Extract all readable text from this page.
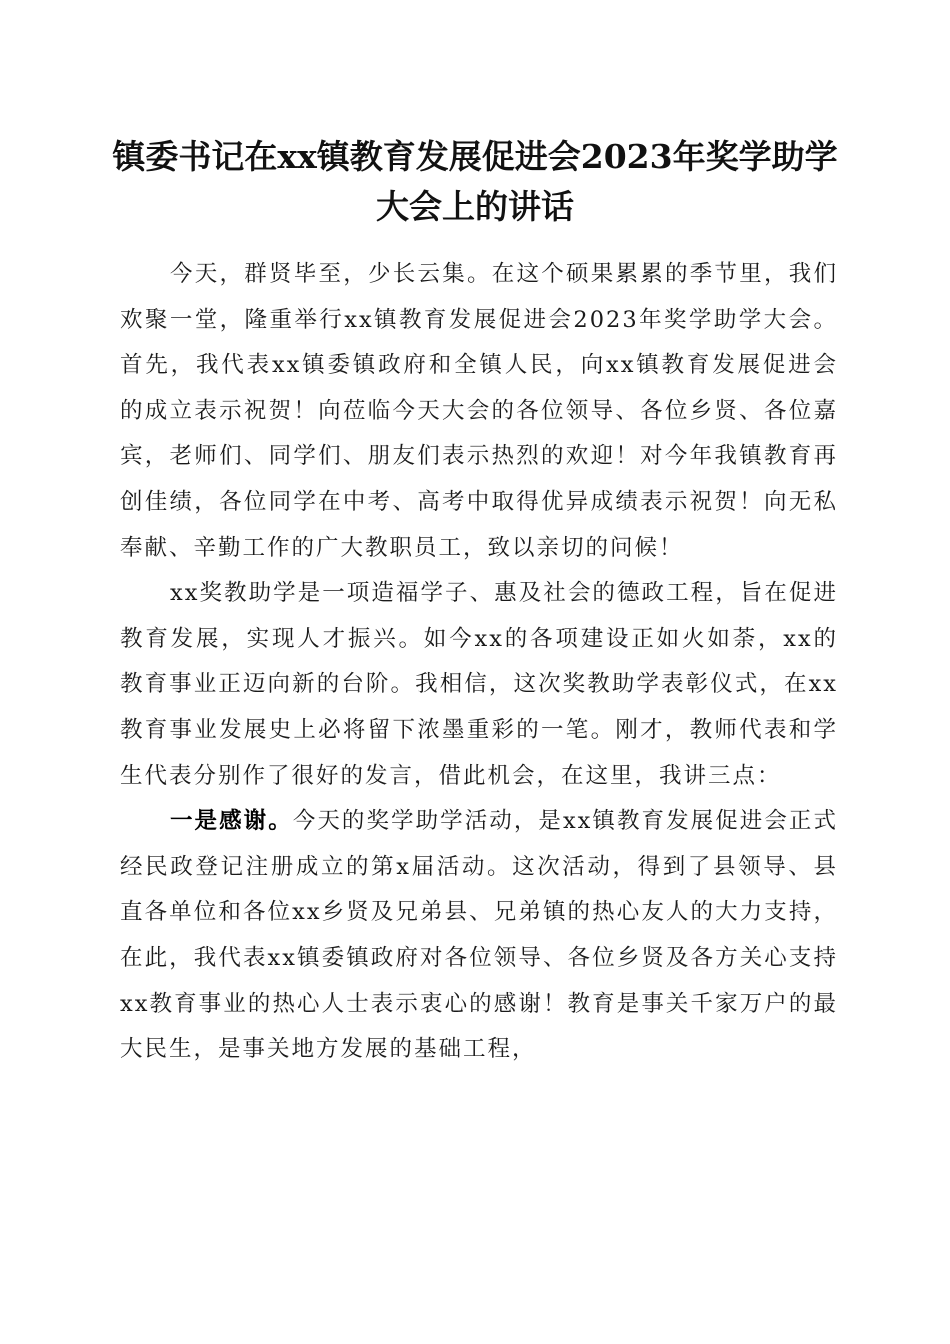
镇委书记在xx镇教育发展促进会2023年奖学助学大会上的讲话

今天，群贤毕至，少长云集。在这个硕果累累的季节里，我们欢聚一堂，隆重举行xx镇教育发展促进会2023年奖学助学大会。首先，我代表xx镇委镇政府和全镇人民，向xx镇教育发展促进会的成立表示祝贺！向莅临今天大会的各位领导、各位乡贤、各位嘉宾，老师们、同学们、朋友们表示热烈的欢迎！对今年我镇教育再创佳绩，各位同学在中考、高考中取得优异成绩表示祝贺！向无私奉献、辛勤工作的广大教职员工，致以亲切的问候！

xx奖教助学是一项造福学子、惠及社会的德政工程，旨在促进教育发展，实现人才振兴。如今xx的各项建设正如火如荼，xx的教育事业正迈向新的台阶。我相信，这次奖教助学表彰仪式，在xx教育事业发展史上必将留下浓墨重彩的一笔。刚才，教师代表和学生代表分别作了很好的发言，借此机会，在这里，我讲三点：

一是感谢。今天的奖学助学活动，是xx镇教育发展促进会正式经民政登记注册成立的第x届活动。这次活动，得到了县领导、县直各单位和各位xx乡贤及兄弟县、兄弟镇的热心友人的大力支持，在此，我代表xx镇委镇政府对各位领导、各位乡贤及各方关心支持xx教育事业的热心人士表示衷心的感谢！教育是事关千家万户的最大民生，是事关地方发展的基础工程，
